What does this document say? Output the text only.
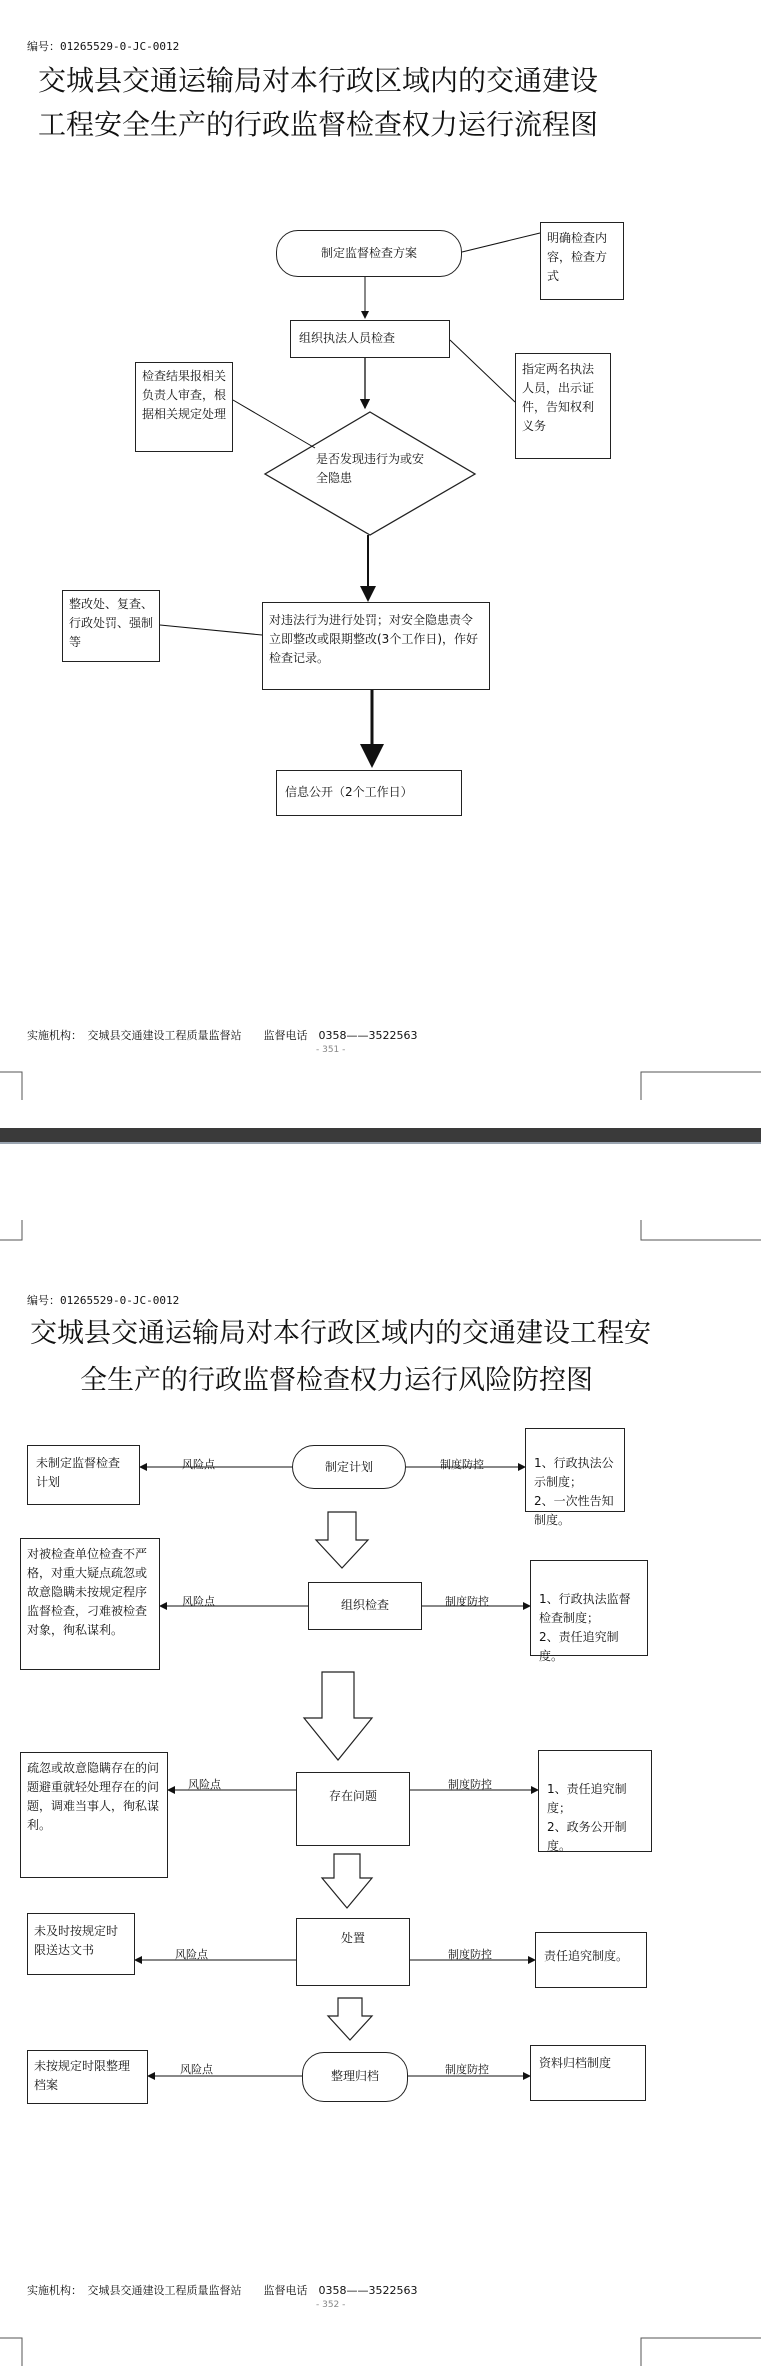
编号：01265529-0-JC-0012
交城县交通运输局对本行政区域内的交通建设
工程安全生产的行政监督检查权力运行流程图
制定监督检查方案
明确检查内容，检查方式
组织执法人员检查
指定两名执法人员，出示证件，告知权利义务
检查结果报相关负责人审查，根据相关规定处理
是否发现违行为或安全隐患
整改处、复查、行政处罚、强制等
对违法行为进行处罚；对安全隐患责令立即整改或限期整改(3个工作日)，作好检查记录。
信息公开（2个工作日）
实施机构：　交城县交通建设工程质量监督站　　监督电话　0358——3522563
- 351 -
编号：01265529-0-JC-0012
交城县交通运输局对本行政区域内的交通建设工程安
全生产的行政监督检查权力运行风险防控图
风险点	制度防控
风险点	制度防控
风险点	制度防控
风险点	制度防控
风险点	制度防控
未制定监督检查计划
制定计划	1、行政执法公示制度；
2、一次性告知制度。

对被检查单位检查不严格，对重大疑点疏忽或故意隐瞒未按规定程序监督检查，刁难被检查对象，徇私谋利。
组织检查	1、行政执法监督检查制度；
2、责任追究制度。

疏忽或故意隐瞒存在的问题避重就轻处理存在的问题，调难当事人，徇私谋利。
存在问题	1、责任追究制度；
2、政务公开制度。

未及时按规定时限送达文书
处置
责任追究制度。
未按规定时限整理档案
整理归档
资料归档制度
实施机构：　交城县交通建设工程质量监督站　　监督电话　0358——3522563
- 352 -
